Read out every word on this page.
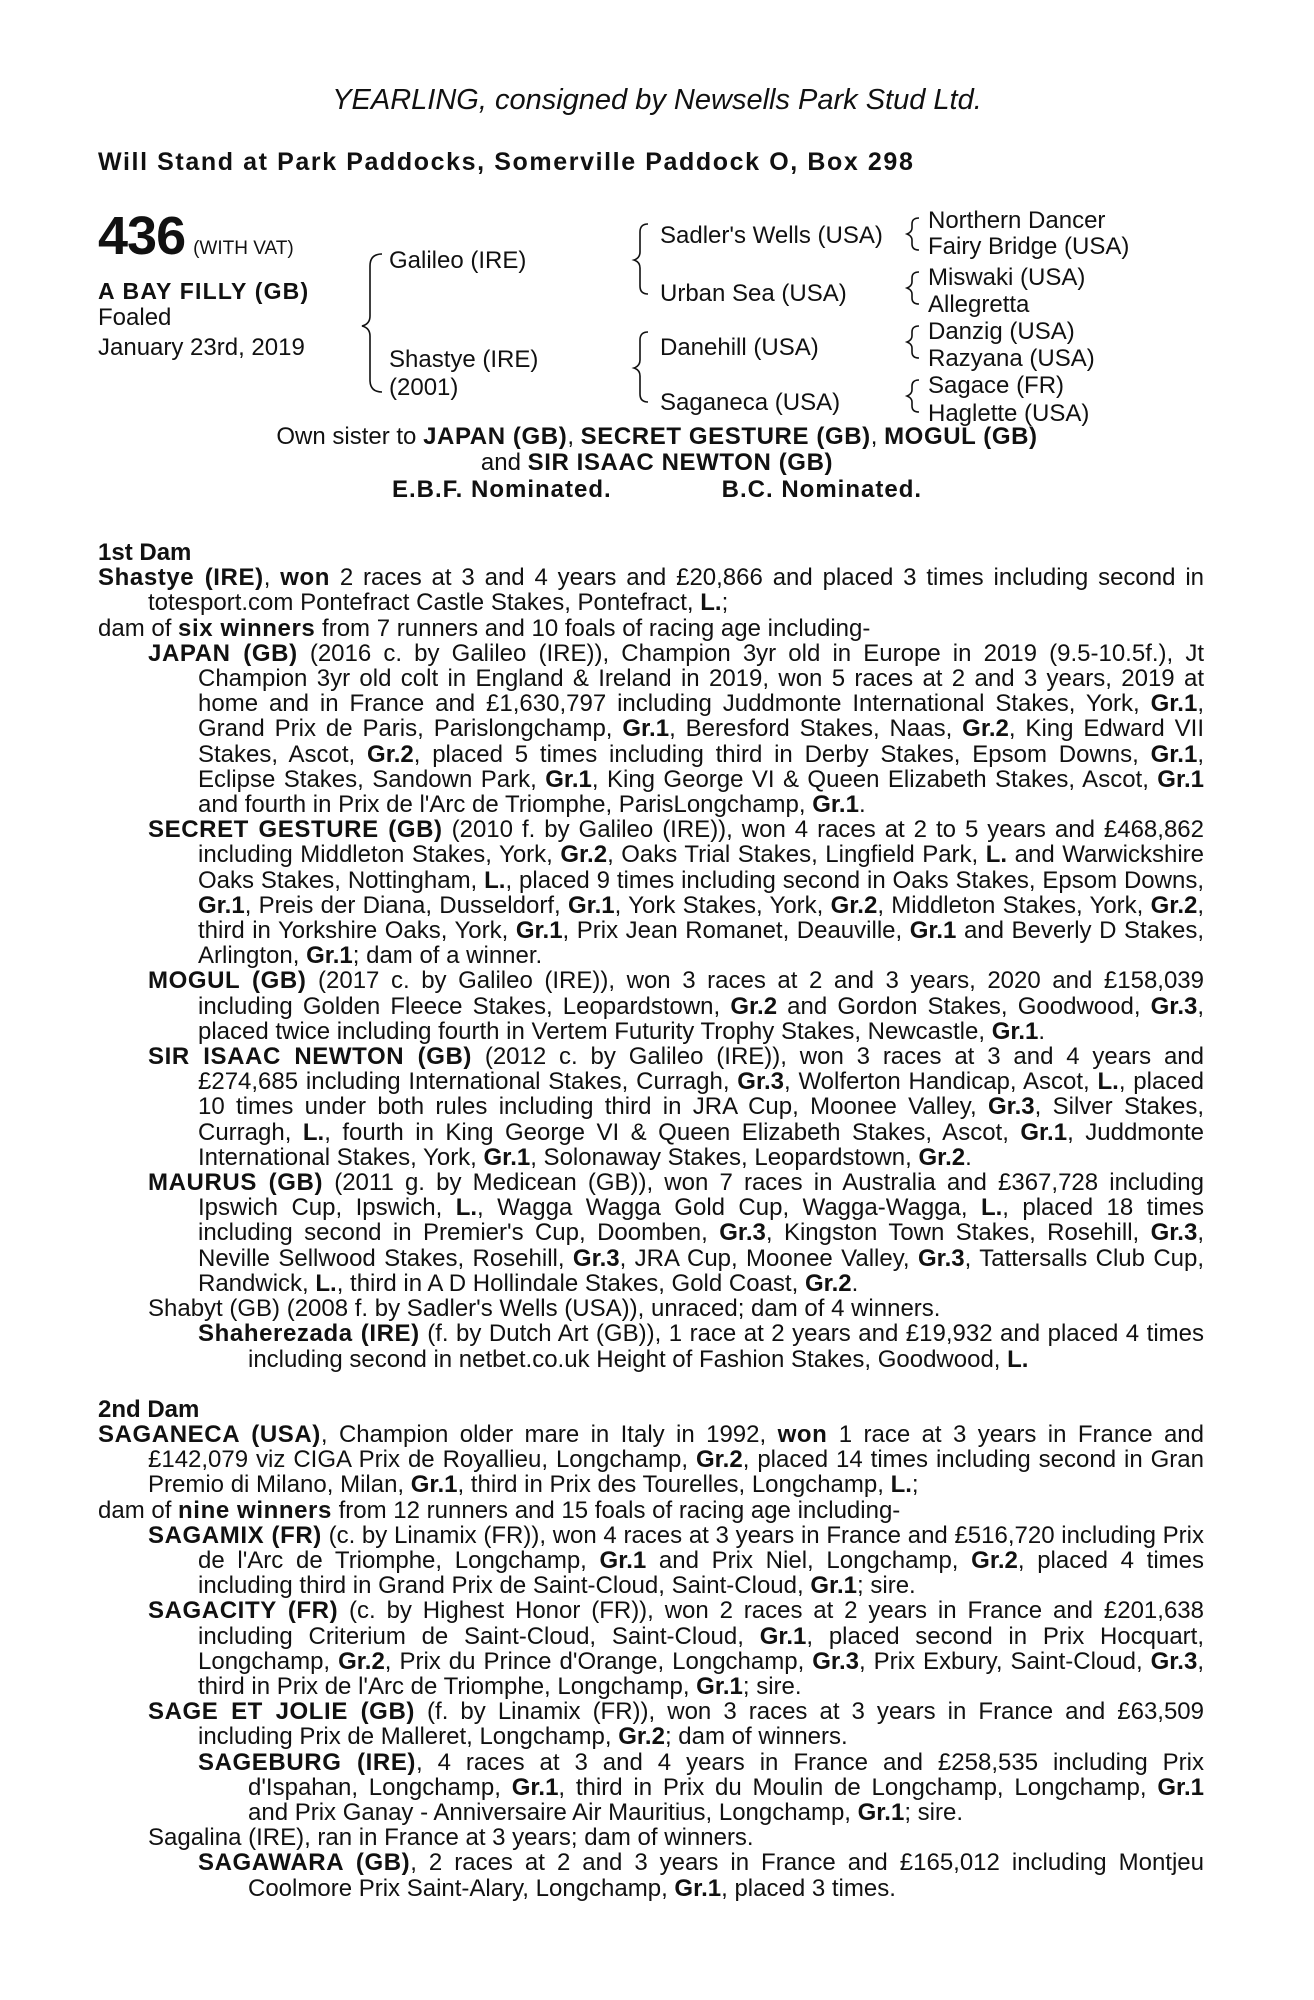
YEARLING, consigned by Newsells Park Stud Ltd.
Will Stand at Park Paddocks, Somerville Paddock O, Box 298
436 (WITH VAT)
A BAY FILLY (GB)
Foaled
January 23rd, 2019
Galileo (IRE)
Shastye (IRE)
(2001)
Sadler's Wells (USA)
Urban Sea (USA)
Danehill (USA)
Saganeca (USA)
Northern Dancer
Fairy Bridge (USA)
Miswaki (USA)
Allegretta
Danzig (USA)
Razyana (USA)
Sagace (FR)
Haglette (USA)
Own sister to JAPAN (GB), SECRET GESTURE (GB), MOGUL (GB)
and SIR ISAAC NEWTON (GB)
E.B.F. Nominated.	B.C. Nominated.

1st Dam

Shastye (IRE), won 2 races at 3 and 4 years and £20,866 and placed 3 times including second in totesport.com Pontefract Castle Stakes, Pontefract, L.;

dam of six winners from 7 runners and 10 foals of racing age including-

JAPAN (GB) (2016 c. by Galileo (IRE)), Champion 3yr old in Europe in 2019 (9.5-10.5f.), Jt Champion 3yr old colt in England & Ireland in 2019, won 5 races at 2 and 3 years, 2019 at home and in France and £1,630,797 including Juddmonte International Stakes, York, Gr.1, Grand Prix de Paris, Parislongchamp, Gr.1, Beresford Stakes, Naas, Gr.2, King Edward VII Stakes, Ascot, Gr.2, placed 5 times including third in Derby Stakes, Epsom Downs, Gr.1, Eclipse Stakes, Sandown Park, Gr.1, King George VI & Queen Elizabeth Stakes, Ascot, Gr.1 and fourth in Prix de l'Arc de Triomphe, ParisLongchamp, Gr.1.

SECRET GESTURE (GB) (2010 f. by Galileo (IRE)), won 4 races at 2 to 5 years and £468,862 including Middleton Stakes, York, Gr.2, Oaks Trial Stakes, Lingfield Park, L. and Warwickshire Oaks Stakes, Nottingham, L., placed 9 times including second in Oaks Stakes, Epsom Downs, Gr.1, Preis der Diana, Dusseldorf, Gr.1, York Stakes, York, Gr.2, Middleton Stakes, York, Gr.2, third in Yorkshire Oaks, York, Gr.1, Prix Jean Romanet, Deauville, Gr.1 and Beverly D Stakes, Arlington, Gr.1; dam of a winner.

MOGUL (GB) (2017 c. by Galileo (IRE)), won 3 races at 2 and 3 years, 2020 and £158,039 including Golden Fleece Stakes, Leopardstown, Gr.2 and Gordon Stakes, Goodwood, Gr.3, placed twice including fourth in Vertem Futurity Trophy Stakes, Newcastle, Gr.1.

SIR ISAAC NEWTON (GB) (2012 c. by Galileo (IRE)), won 3 races at 3 and 4 years and £274,685 including International Stakes, Curragh, Gr.3, Wolferton Handicap, Ascot, L., placed 10 times under both rules including third in JRA Cup, Moonee Valley, Gr.3, Silver Stakes, Curragh, L., fourth in King George VI & Queen Elizabeth Stakes, Ascot, Gr.1, Juddmonte International Stakes, York, Gr.1, Solonaway Stakes, Leopardstown, Gr.2.

MAURUS (GB) (2011 g. by Medicean (GB)), won 7 races in Australia and £367,728 including Ipswich Cup, Ipswich, L., Wagga Wagga Gold Cup, Wagga-Wagga, L., placed 18 times including second in Premier's Cup, Doomben, Gr.3, Kingston Town Stakes, Rosehill, Gr.3, Neville Sellwood Stakes, Rosehill, Gr.3, JRA Cup, Moonee Valley, Gr.3, Tattersalls Club Cup, Randwick, L., third in A D Hollindale Stakes, Gold Coast, Gr.2.

Shabyt (GB) (2008 f. by Sadler's Wells (USA)), unraced; dam of 4 winners.

Shaherezada (IRE) (f. by Dutch Art (GB)), 1 race at 2 years and £19,932 and placed 4 times including second in netbet.co.uk Height of Fashion Stakes, Goodwood, L.

2nd Dam

SAGANECA (USA), Champion older mare in Italy in 1992, won 1 race at 3 years in France and £142,079 viz CIGA Prix de Royallieu, Longchamp, Gr.2, placed 14 times including second in Gran Premio di Milano, Milan, Gr.1, third in Prix des Tourelles, Longchamp, L.;

dam of nine winners from 12 runners and 15 foals of racing age including-

SAGAMIX (FR) (c. by Linamix (FR)), won 4 races at 3 years in France and £516,720 including Prix de l'Arc de Triomphe, Longchamp, Gr.1 and Prix Niel, Longchamp, Gr.2, placed 4 times including third in Grand Prix de Saint-Cloud, Saint-Cloud, Gr.1; sire.

SAGACITY (FR) (c. by Highest Honor (FR)), won 2 races at 2 years in France and £201,638 including Criterium de Saint-Cloud, Saint-Cloud, Gr.1, placed second in Prix Hocquart, Longchamp, Gr.2, Prix du Prince d'Orange, Longchamp, Gr.3, Prix Exbury, Saint-Cloud, Gr.3, third in Prix de l'Arc de Triomphe, Longchamp, Gr.1; sire.

SAGE ET JOLIE (GB) (f. by Linamix (FR)), won 3 races at 3 years in France and £63,509 including Prix de Malleret, Longchamp, Gr.2; dam of winners.

SAGEBURG (IRE), 4 races at 3 and 4 years in France and £258,535 including Prix d'Ispahan, Longchamp, Gr.1, third in Prix du Moulin de Longchamp, Longchamp, Gr.1 and Prix Ganay - Anniversaire Air Mauritius, Longchamp, Gr.1; sire.

Sagalina (IRE), ran in France at 3 years; dam of winners.

SAGAWARA (GB), 2 races at 2 and 3 years in France and £165,012 including Montjeu Coolmore Prix Saint-Alary, Longchamp, Gr.1, placed 3 times.
